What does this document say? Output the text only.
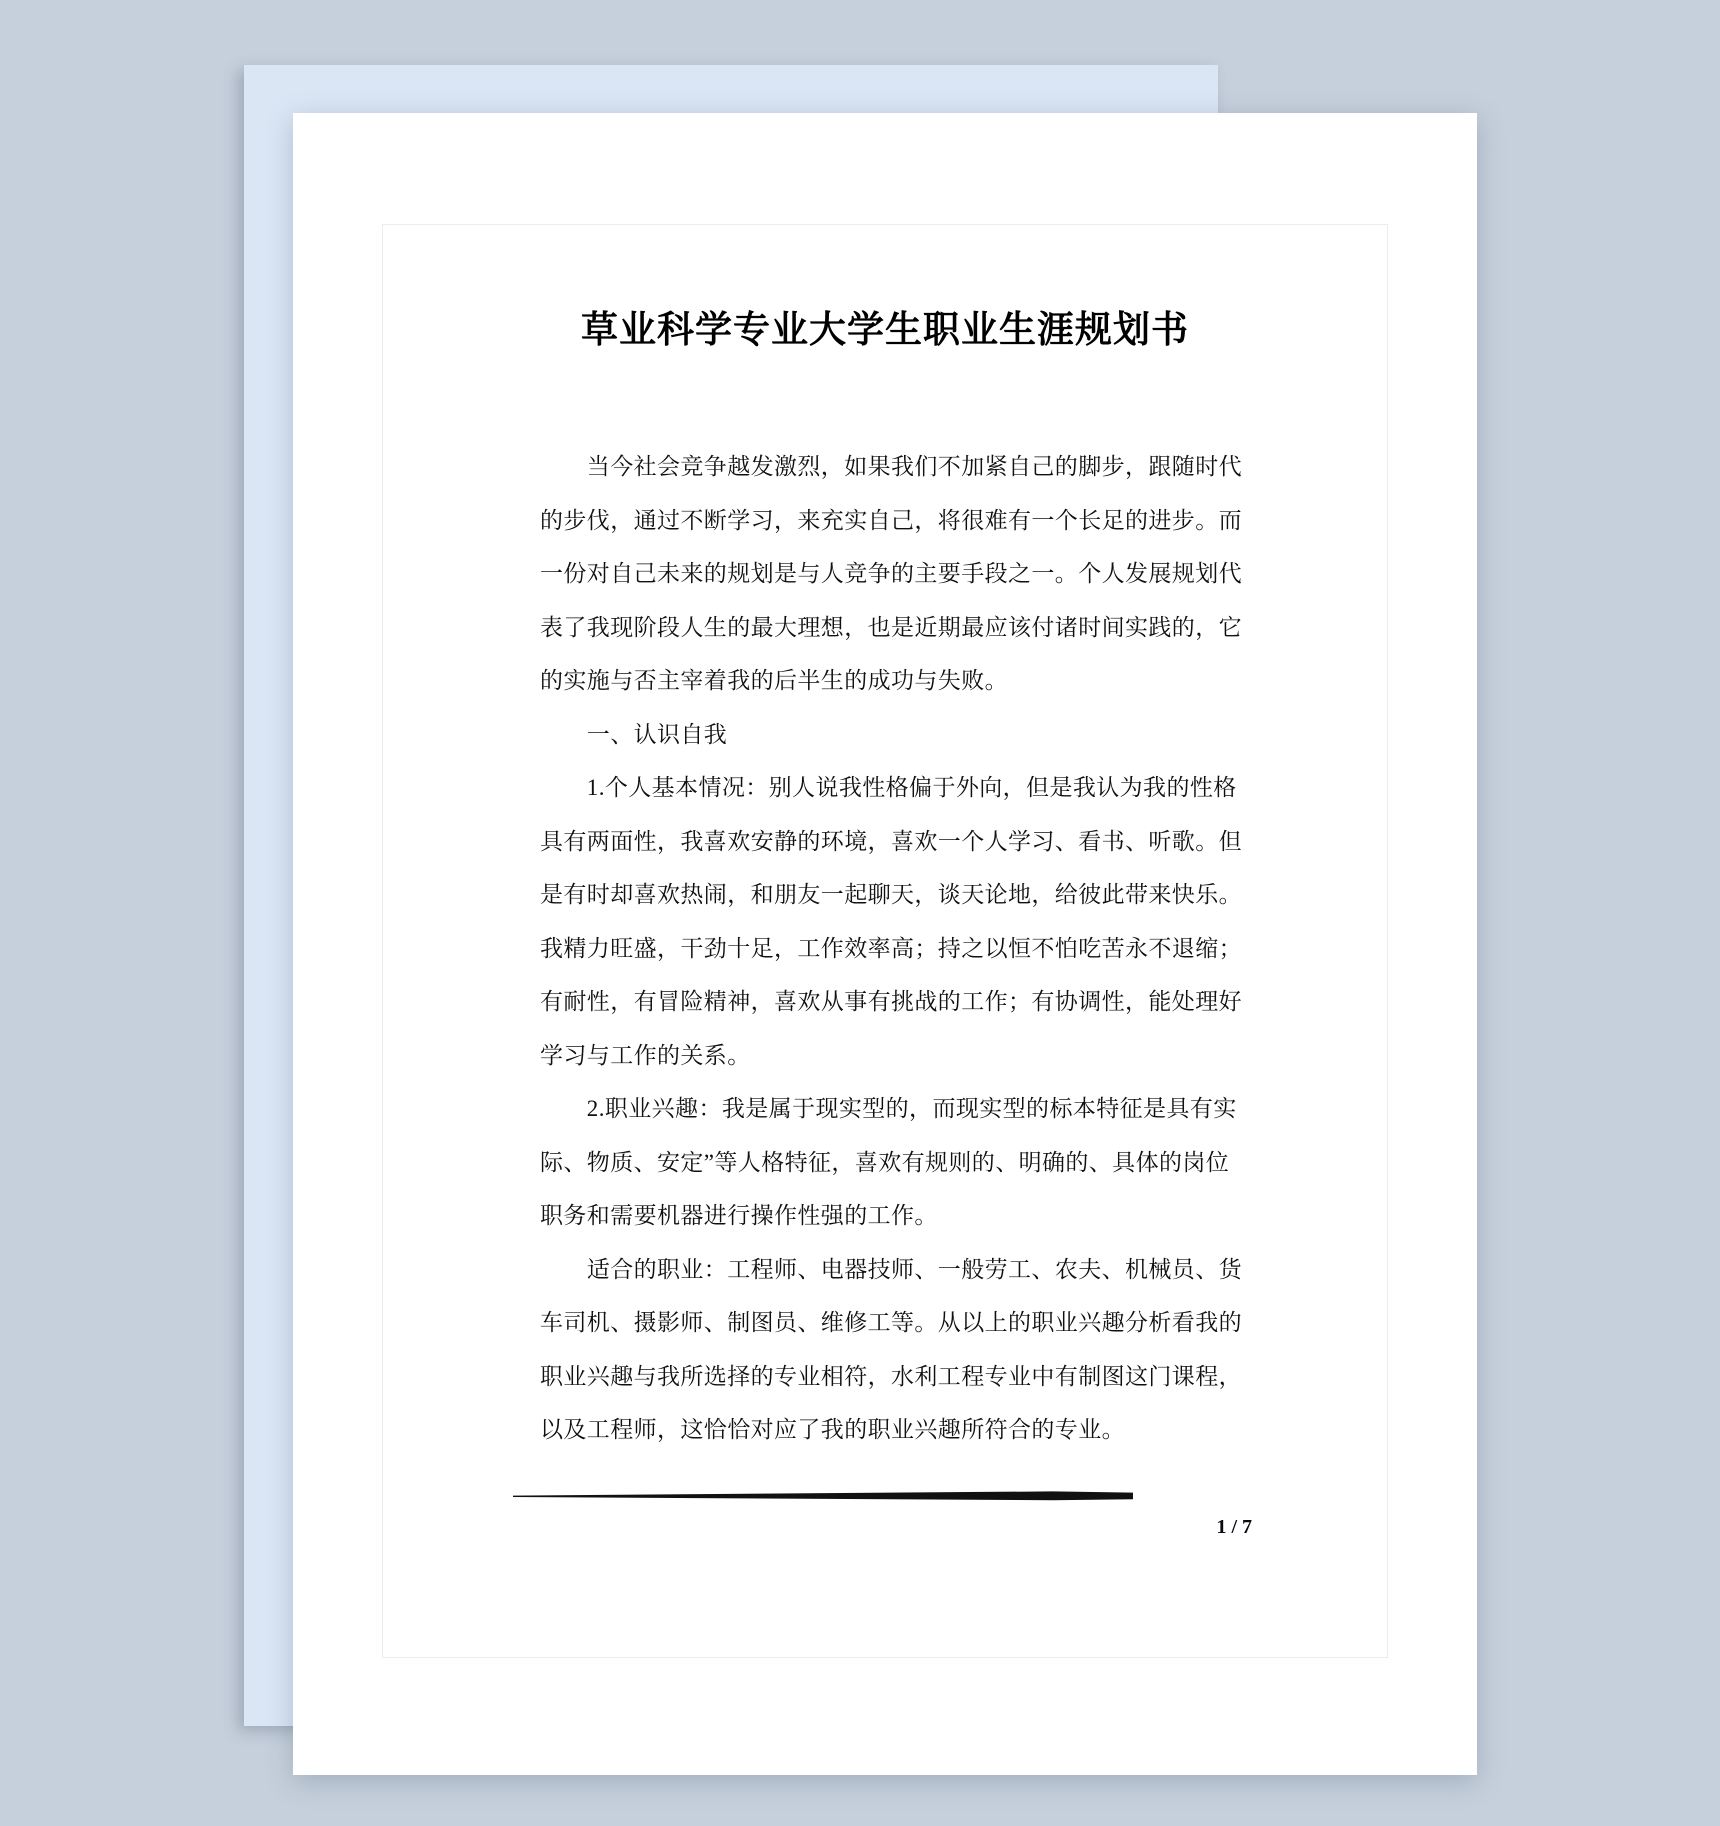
草业科学专业大学生职业生涯规划书
　　当今社会竞争越发激烈，如果我们不加紧自己的脚步，跟随时代
的步伐，通过不断学习，来充实自己，将很难有一个长足的进步。而
一份对自己未来的规划是与人竞争的主要手段之一。个人发展规划代
表了我现阶段人生的最大理想，也是近期最应该付诸时间实践的，它
的实施与否主宰着我的后半生的成功与失败。
　　一、认识自我
　　1.个人基本情况：别人说我性格偏于外向，但是我认为我的性格
具有两面性，我喜欢安静的环境，喜欢一个人学习、看书、听歌。但
是有时却喜欢热闹，和朋友一起聊天，谈天论地，给彼此带来快乐。
我精力旺盛，干劲十足，工作效率高；持之以恒不怕吃苦永不退缩；
有耐性，有冒险精神，喜欢从事有挑战的工作；有协调性，能处理好
学习与工作的关系。
　　2.职业兴趣：我是属于现实型的，而现实型的标本特征是具有实
际、物质、安定”等人格特征，喜欢有规则的、明确的、具体的岗位
职务和需要机器进行操作性强的工作。
　　适合的职业：工程师、电器技师、一般劳工、农夫、机械员、货
车司机、摄影师、制图员、维修工等。从以上的职业兴趣分析看我的
职业兴趣与我所选择的专业相符，水利工程专业中有制图这门课程，
以及工程师，这恰恰对应了我的职业兴趣所符合的专业。
1 / 7
